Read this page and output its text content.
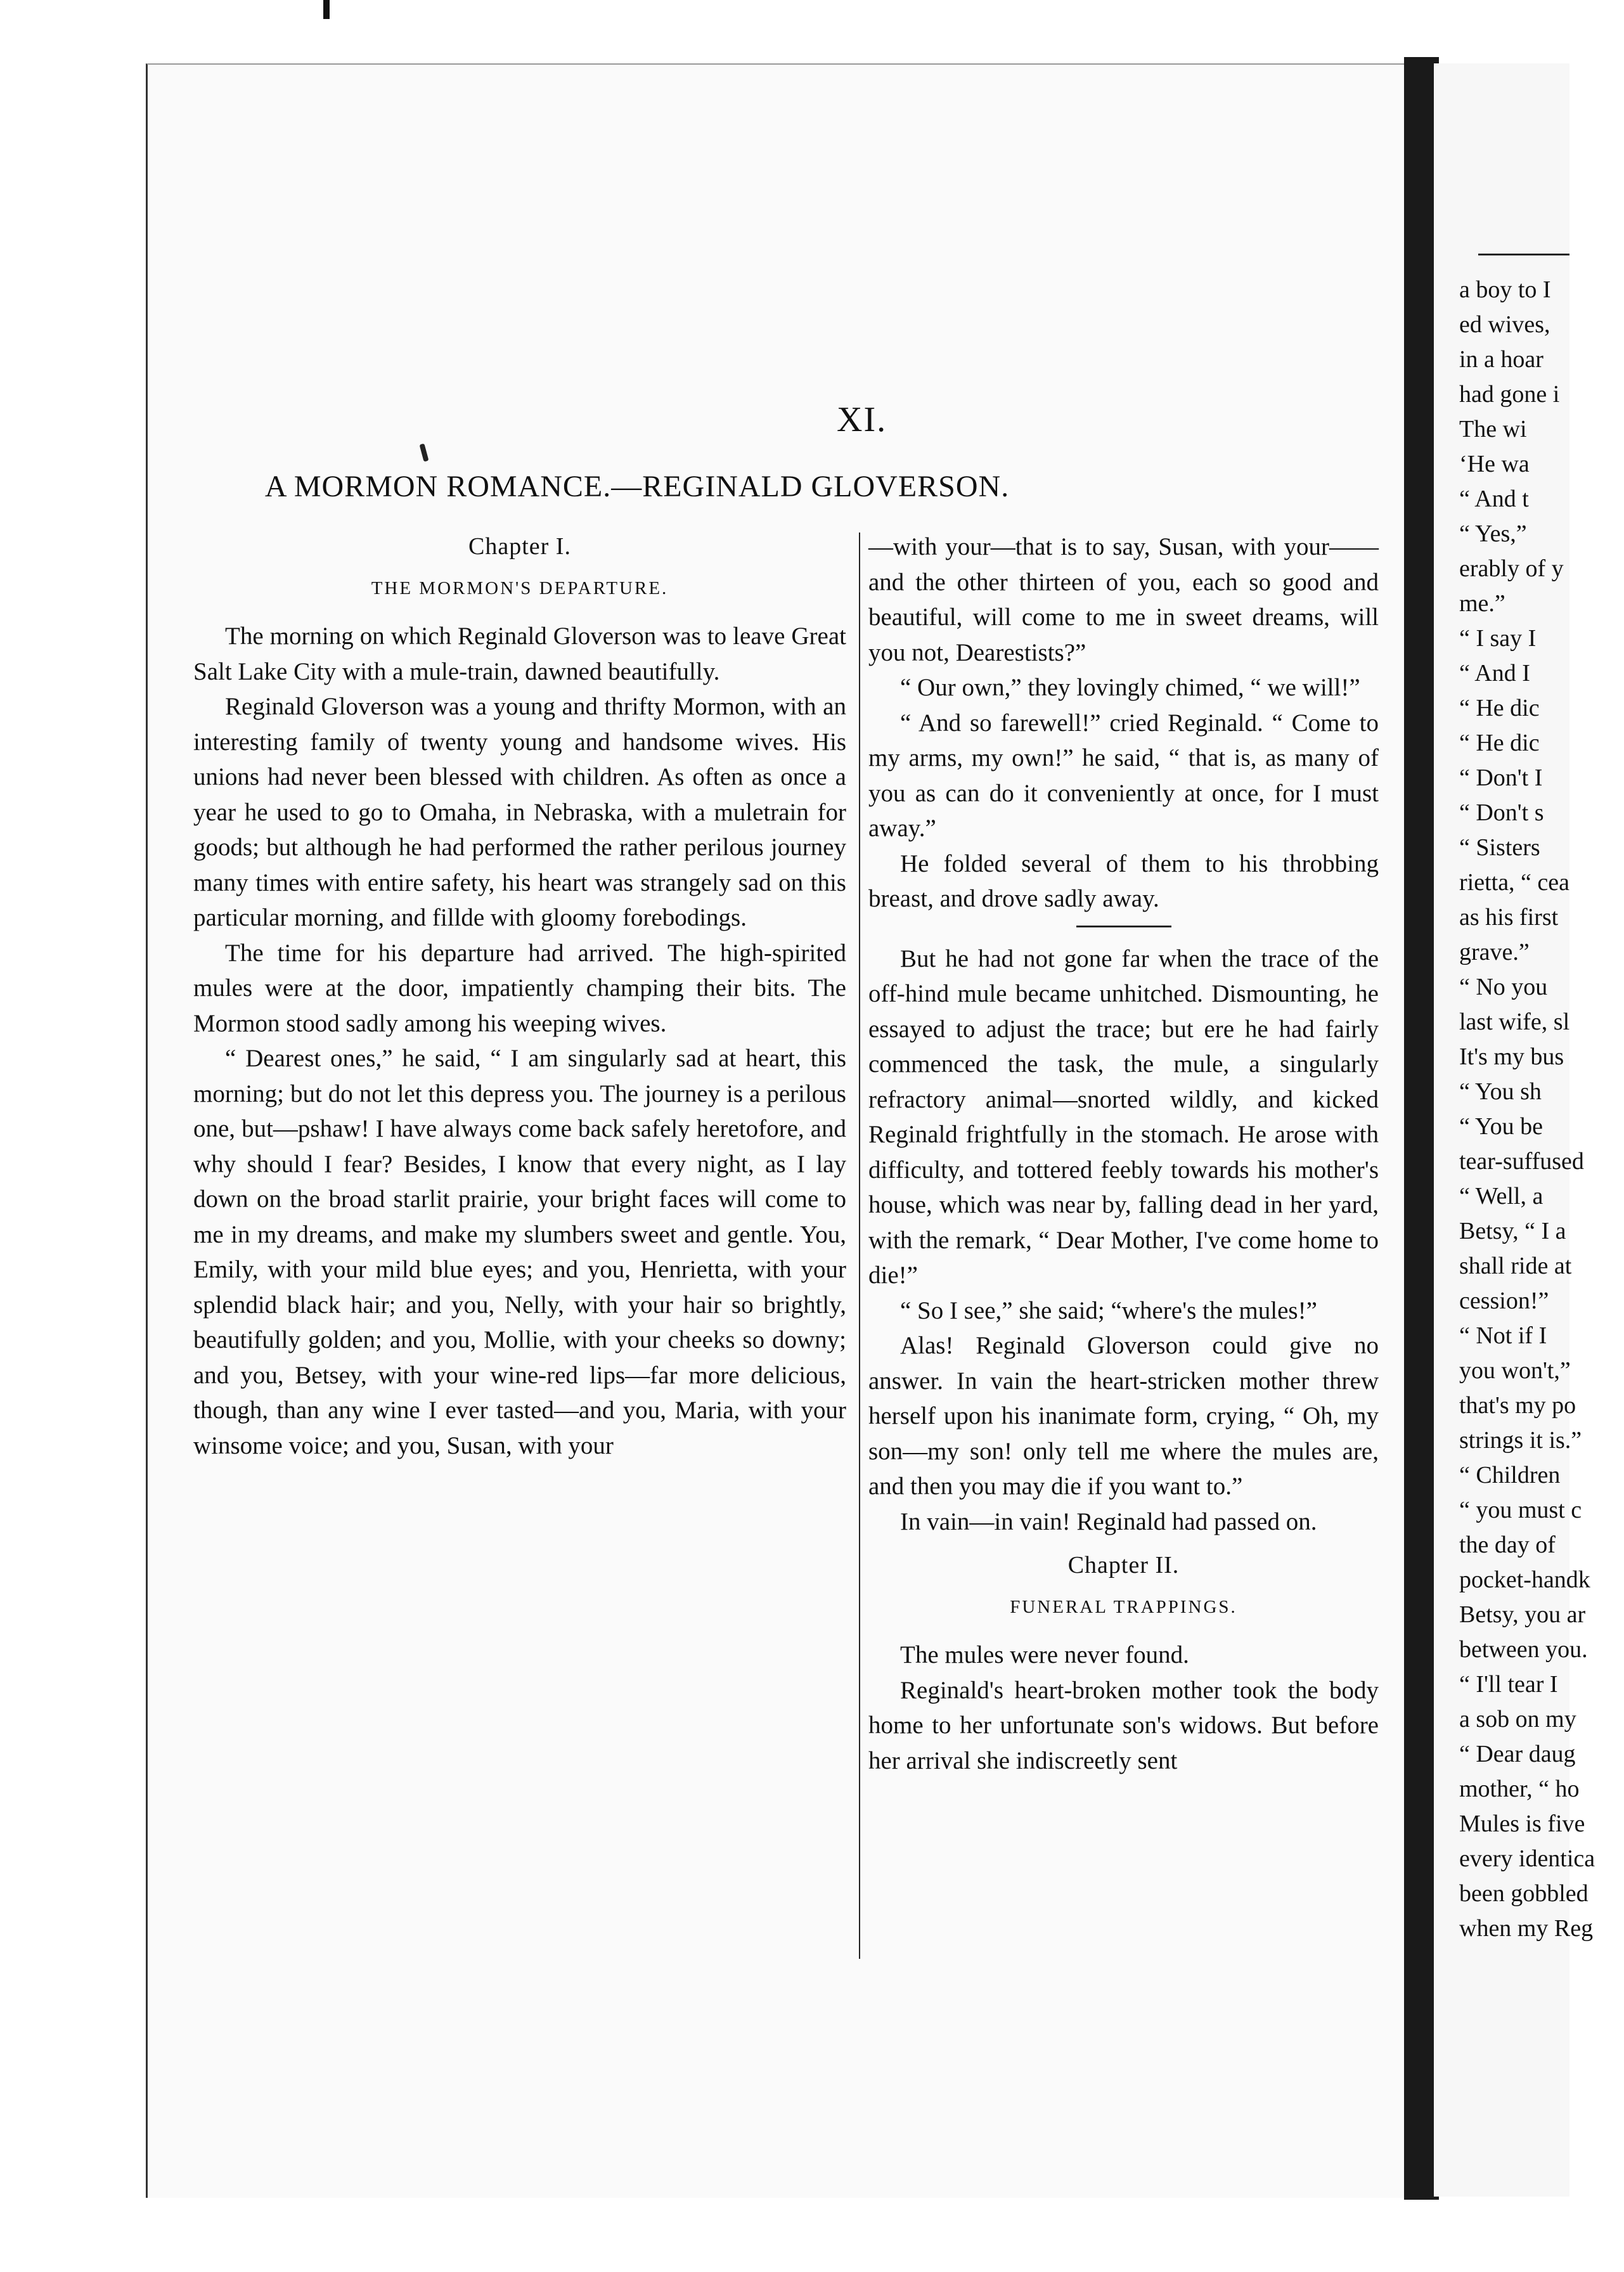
a boy to I
ed wives,
in a hoar
had gone i
The wi
‘He wa
“ And t
“ Yes,”
erably of y
me.”
“ I say I
“ And I
“ He dic
“ He dic
“ Don't I
“ Don't s
“ Sisters
rietta, “ cea
as his first
grave.”
“ No you
last wife, sl
It's my bus
“ You sh
“ You be
tear-suffused
“ Well, a
Betsy, “ I a
shall ride at
cession!”
“ Not if I
you won't,”
that's my po
strings it is.”
“ Children
“ you must c
the day of
pocket-handk
Betsy, you ar
between you.
“ I'll tear I
a sob on my
“ Dear daug
mother, “ ho
Mules is five
every identica
been gobbled
when my Reg
XI.
A MORMON ROMANCE.—REGINALD GLOVERSON.
Chapter I.
THE MORMON'S DEPARTURE.

The morning on which Reginald Gloverson was to leave Great Salt Lake City with a mule-train, dawned beautifully.

Reginald Gloverson was a young and thrifty Mormon, with an interesting family of twenty young and handsome wives. His unions had never been blessed with children. As often as once a year he used to go to Omaha, in Nebraska, with a muletrain for goods; but although he had performed the rather perilous journey many times with entire safety, his heart was strangely sad on this particular morning, and fillde with gloomy forebodings.

The time for his departure had arrived. The high-spirited mules were at the door, impatiently champing their bits. The Mormon stood sadly among his weeping wives.

“ Dearest ones,” he said, “ I am singularly sad at heart, this morning; but do not let this depress you. The journey is a perilous one, but—pshaw! I have always come back safely heretofore, and why should I fear? Besides, I know that every night, as I lay down on the broad starlit prairie, your bright faces will come to me in my dreams, and make my slumbers sweet and gentle. You, Emily, with your mild blue eyes; and you, Henrietta, with your splendid black hair; and you, Nelly, with your hair so brightly, beautifully golden; and you, Mollie, with your cheeks so downy; and you, Betsey, with your wine-red lips—far more delicious, though, than any wine I ever tasted—and you, Maria, with your winsome voice; and you, Susan, with your

—with your—that is to say, Susan, with your——and the other thirteen of you, each so good and beautiful, will come to me in sweet dreams, will you not, Dearestists?”

“ Our own,” they lovingly chimed, “ we will!”

“ And so farewell!” cried Reginald. “ Come to my arms, my own!” he said, “ that is, as many of you as can do it conveniently at once, for I must away.”

He folded several of them to his throbbing breast, and drove sadly away.

But he had not gone far when the trace of the off-hind mule became unhitched. Dismounting, he essayed to adjust the trace; but ere he had fairly commenced the task, the mule, a singularly refractory animal—snorted wildly, and kicked Reginald frightfully in the stomach. He arose with difficulty, and tottered feebly towards his mother's house, which was near by, falling dead in her yard, with the remark, “ Dear Mother, I've come home to die!”

“ So I see,” she said; “where's the mules!”

Alas! Reginald Gloverson could give no answer. In vain the heart-stricken mother threw herself upon his inanimate form, crying, “ Oh, my son—my son! only tell me where the mules are, and then you may die if you want to.”

In vain—in vain! Reginald had passed on.

Chapter II.
FUNERAL TRAPPINGS.

The mules were never found.

Reginald's heart-broken mother took the body home to her unfortunate son's widows. But before her arrival she indiscreetly sent
